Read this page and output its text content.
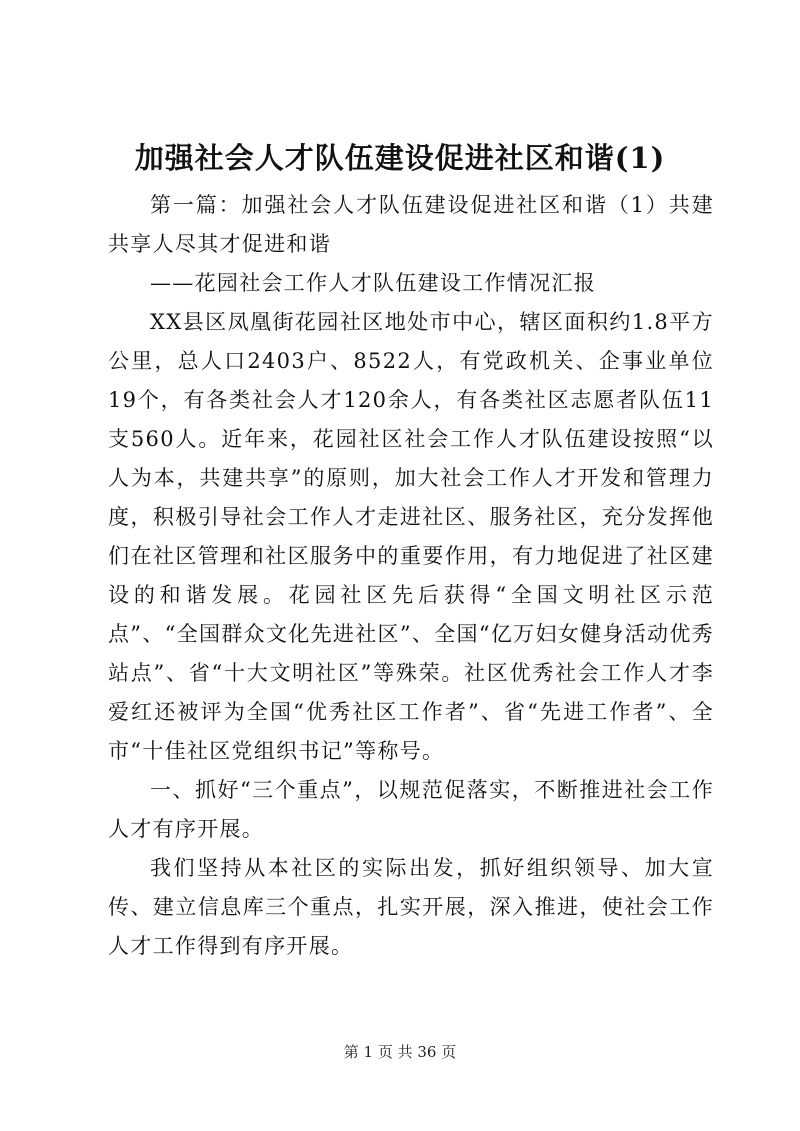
加强社会人才队伍建设促进社区和谐(1)

第一篇：加强社会人才队伍建设促进社区和谐（1）共建共享人尽其才促进和谐

——花园社会工作人才队伍建设工作情况汇报

XX县区凤凰街花园社区地处市中心，辖区面积约1.8平方公里，总人口2403户、8522人，有党政机关、企事业单位19个，有各类社会人才120余人，有各类社区志愿者队伍11支560人。近年来，花园社区社会工作人才队伍建设按照“以人为本，共建共享”的原则，加大社会工作人才开发和管理力度，积极引导社会工作人才走进社区、服务社区，充分发挥他们在社区管理和社区服务中的重要作用，有力地促进了社区建设的和谐发展。花园社区先后获得“全国文明社区示范点”、“全国群众文化先进社区”、全国“亿万妇女健身活动优秀站点”、省“十大文明社区”等殊荣。社区优秀社会工作人才李爱红还被评为全国“优秀社区工作者”、省“先进工作者”、全市“十佳社区党组织书记”等称号。

一、抓好“三个重点”，以规范促落实，不断推进社会工作人才有序开展。

我们坚持从本社区的实际出发，抓好组织领导、加大宣传、建立信息库三个重点，扎实开展，深入推进，使社会工作人才工作得到有序开展。

第 1 页 共 36 页
